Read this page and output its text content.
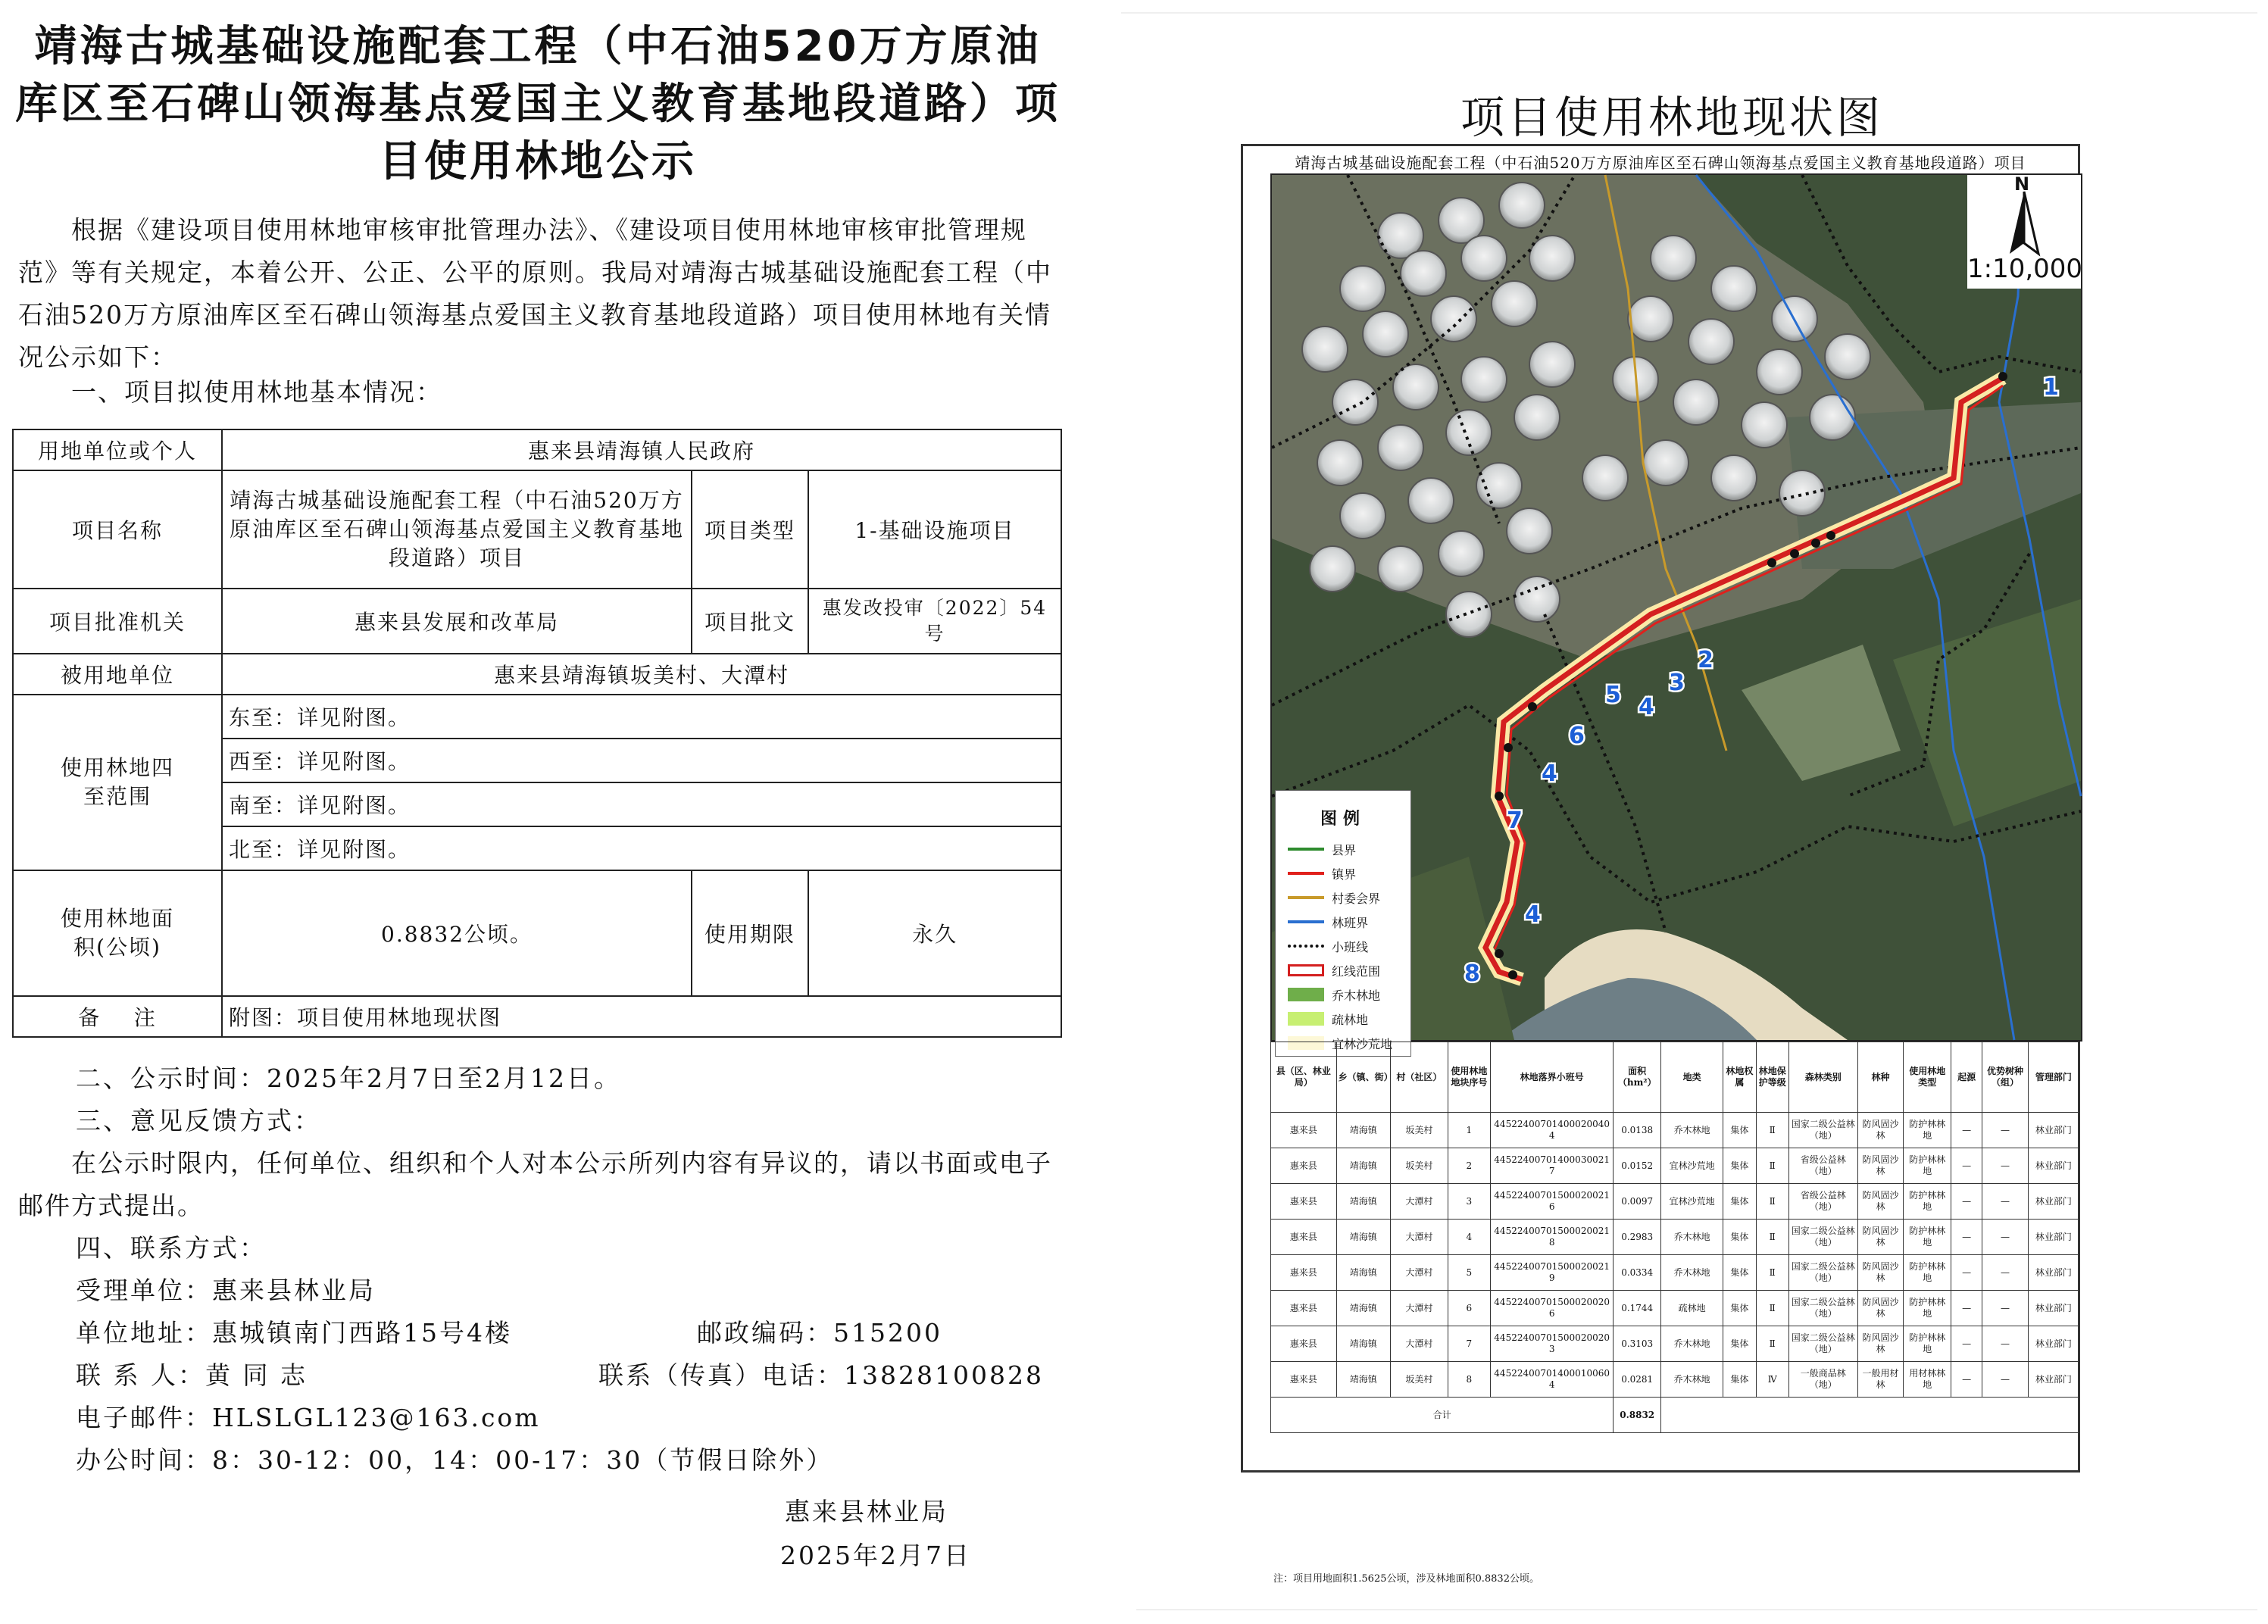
靖海古城基础设施配套工程（中石油520万方原油库区至石碑山领海基点爱国主义教育基地段道路）项目使用林地公示
根据《建设项目使用林地审核审批管理办法》、《建设项目使用林地审核审批管理规范》等有关规定，本着公开、公正、公平的原则。我局对靖海古城基础设施配套工程（中石油520万方原油库区至石碑山领海基点爱国主义教育基地段道路）项目使用林地有关情况公示如下：
一、项目拟使用林地基本情况：
用地单位或个人	惠来县靖海镇人民政府		
项目名称	靖海古城基础设施配套工程（中石油520万方原油库区至石碑山领海基点爱国主义教育基地段道路）项目	项目类型	1-基础设施项目
项目批准机关	惠来县发展和改革局	项目批文	惠发改投审〔2022〕54号
被用地单位	惠来县靖海镇坂美村、大潭村		
使用林地四至范围	东至：详见附图。		
	西至：详见附图。		
	南至：详见附图。		
	北至：详见附图。		
使用林地面积(公顷)	0.8832公顷。	使用期限	永久
备    注	附图：项目使用林地现状图		
二、公示时间：2025年2月7日至2月12日。
三、意见反馈方式：
在公示时限内，任何单位、组织和个人对本公示所列内容有异议的，请以书面或电子邮件方式提出。
四、联系方式：
受理单位：惠来县林业局
单位地址：惠城镇南门西路15号4楼	邮政编码：515200
联 系 人：黄 同 志	联系（传真）电话：13828100828
电子邮件：HLSLGL123@163.com
办公时间：8：30-12：00，14：00-17：30（节假日除外）
惠来县林业局
2025年2月7日
项目使用林地现状图
靖海古城基础设施配套工程（中石油520万方原油库区至石碑山领海基点爱国主义教育基地段道路）项目
1
2
3
4
5
6
4
7
4
8
N
1:10,000
图例
县界
镇界
村委会界
林班界
小班线
红线范围
乔木林地
疏林地
宜林沙荒地
县（区、林业局）	乡（镇、街）	村（社区）	使用林地地块序号	林地落界小班号	面积（hm²）	地类	林地权属	林地保护等级	森林类别	林种	使用林地类型	起源	优势树种（组）	管理部门
惠来县	靖海镇	坂美村	1	44522400701400020040 4	0.0138	乔木林地	集体	Ⅱ	国家二级公益林（地）	防风固沙林	防护林林地	—	—	林业部门
惠来县	靖海镇	坂美村	2	44522400701400030021 7	0.0152	宜林沙荒地	集体	Ⅱ	省级公益林（地）	防风固沙林	防护林林地	—	—	林业部门
惠来县	靖海镇	大潭村	3	44522400701500020021 6	0.0097	宜林沙荒地	集体	Ⅱ	省级公益林（地）	防风固沙林	防护林林地	—	—	林业部门
惠来县	靖海镇	大潭村	4	44522400701500020021 8	0.2983	乔木林地	集体	Ⅱ	国家二级公益林（地）	防风固沙林	防护林林地	—	—	林业部门
惠来县	靖海镇	大潭村	5	44522400701500020021 9	0.0334	乔木林地	集体	Ⅱ	国家二级公益林（地）	防风固沙林	防护林林地	—	—	林业部门
惠来县	靖海镇	大潭村	6	44522400701500020020 6	0.1744	疏林地	集体	Ⅱ	国家二级公益林（地）	防风固沙林	防护林林地	—	—	林业部门
惠来县	靖海镇	大潭村	7	44522400701500020020 3	0.3103	乔木林地	集体	Ⅱ	国家二级公益林（地）	防风固沙林	防护林林地	—	—	林业部门
惠来县	靖海镇	坂美村	8	44522400701400010060 4	0.0281	乔木林地	集体	Ⅳ	一般商品林（地）	一般用材林	用材林林地	—	—	林业部门
合计					0.8832									
注：项目用地面积1.5625公顷，涉及林地面积0.8832公顷。
